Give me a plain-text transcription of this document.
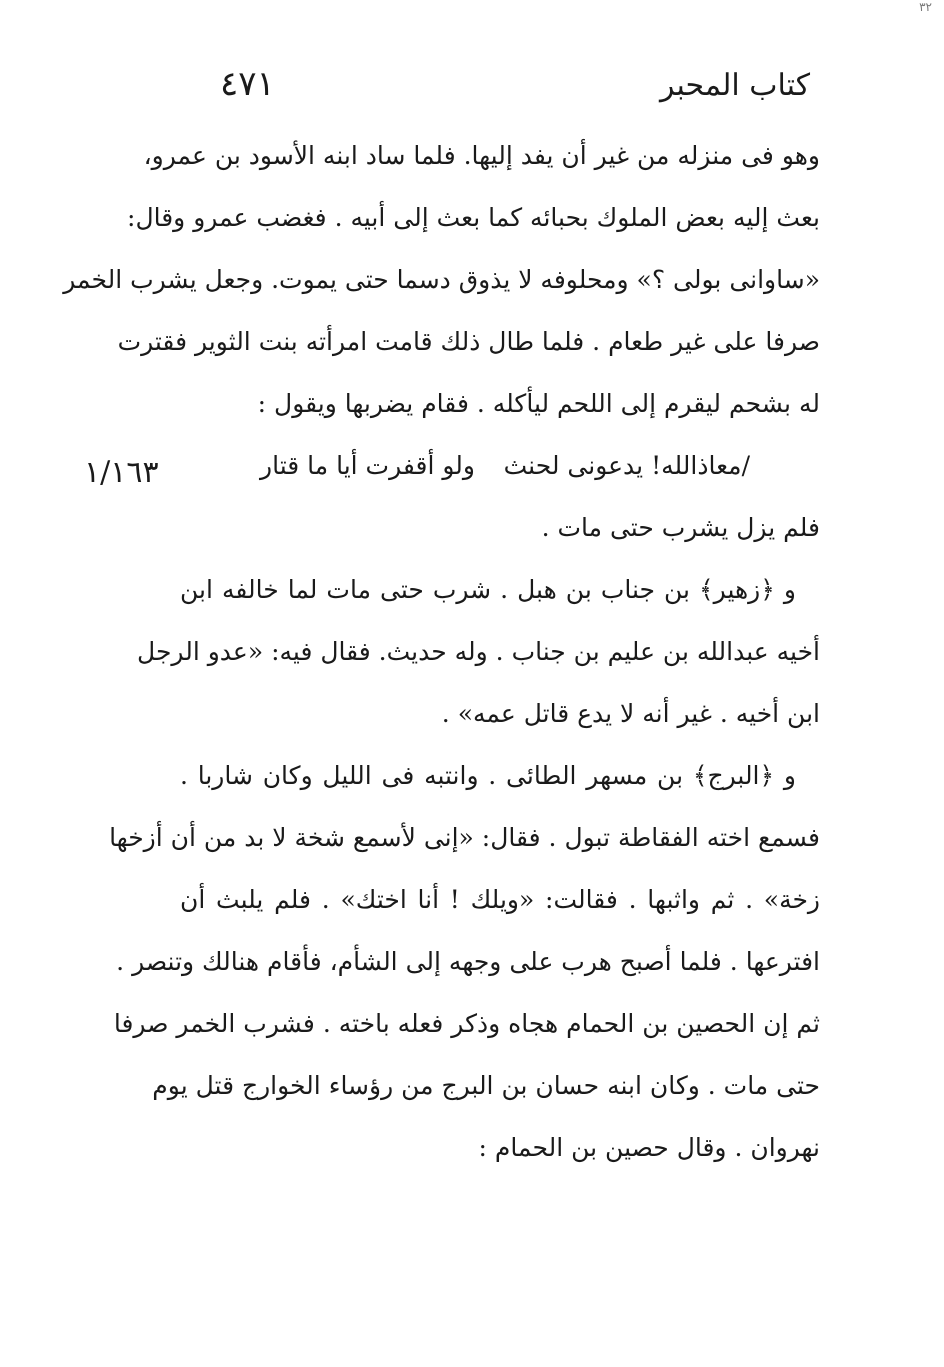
٣٢
٤٧١	كتاب المحبر
١/١٦٣
وهو فى منزله من غير أن يفد إليها. فلما ساد ابنه الأسود بن عمرو،
بعث إليه بعض الملوك بحبائه كما بعث إلى أبيه . فغضب عمرو وقال:
«ساوانى بولى ؟» ومحلوفه لا يذوق دسما حتى يموت. وجعل يشرب الخمر
صرفا على غير طعام . فلما طال ذلك قامت امرأته بنت الثوير فقترت
له بشحم ليقرم إلى اللحم ليأكله . فقام يضربها ويقول :
/معاذالله! يدعونى لحنث
ولو أقفرت أيا ما قتار
فلم يزل يشرب حتى مات .
و ﴿زهير﴾ بن جناب بن هبل . شرب حتى مات لما خالفه ابن
أخيه عبدالله بن عليم بن جناب . وله حديث. فقال فيه: «عدو الرجل
ابن أخيه . غير أنه لا يدع قاتل عمه» .
و ﴿البرج﴾ بن مسهر الطائى . وانتبه فى الليل وكان شاربا .
فسمع اخته الفقاطة تبول . فقال: «إنى لأسمع شخة لا بد من أن أزخها
زخة» . ثم واثبها . فقالت: «ويلك ! أنا اختك» . فلم يلبث أن
افترعها . فلما أصبح هرب على وجهه إلى الشأم، فأقام هنالك وتنصر .
ثم إن الحصين بن الحمام هجاه وذكر فعله باخته . فشرب الخمر صرفا
حتى مات . وكان ابنه حسان بن البرج من رؤساء الخوارج قتل يوم
نهروان . وقال حصين بن الحمام :
